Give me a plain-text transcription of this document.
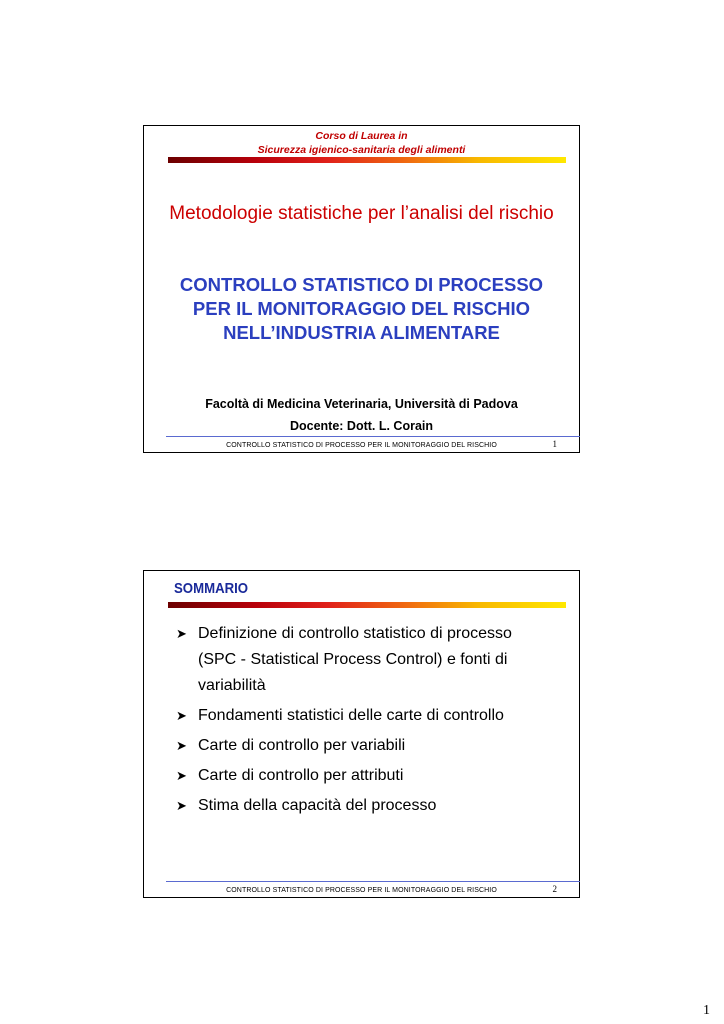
Corso di Laurea in
Sicurezza igienico-sanitaria degli alimenti
Metodologie statistiche per l’analisi del rischio
CONTROLLO STATISTICO DI PROCESSO
PER IL MONITORAGGIO DEL RISCHIO
NELL’INDUSTRIA ALIMENTARE
Facoltà di Medicina Veterinaria, Università di Padova
Docente: Dott. L. Corain
CONTROLLO STATISTICO DI PROCESSO PER IL MONITORAGGIO DEL RISCHIO	1
SOMMARIO
➤ Definizione di controllo statistico di processo
(SPC - Statistical Process Control) e fonti di
variabilità
➤ Fondamenti statistici delle carte di controllo
➤ Carte di controllo per variabili
➤ Carte di controllo per attributi
➤ Stima della capacità del processo
CONTROLLO STATISTICO DI PROCESSO PER IL MONITORAGGIO DEL RISCHIO	2
1
